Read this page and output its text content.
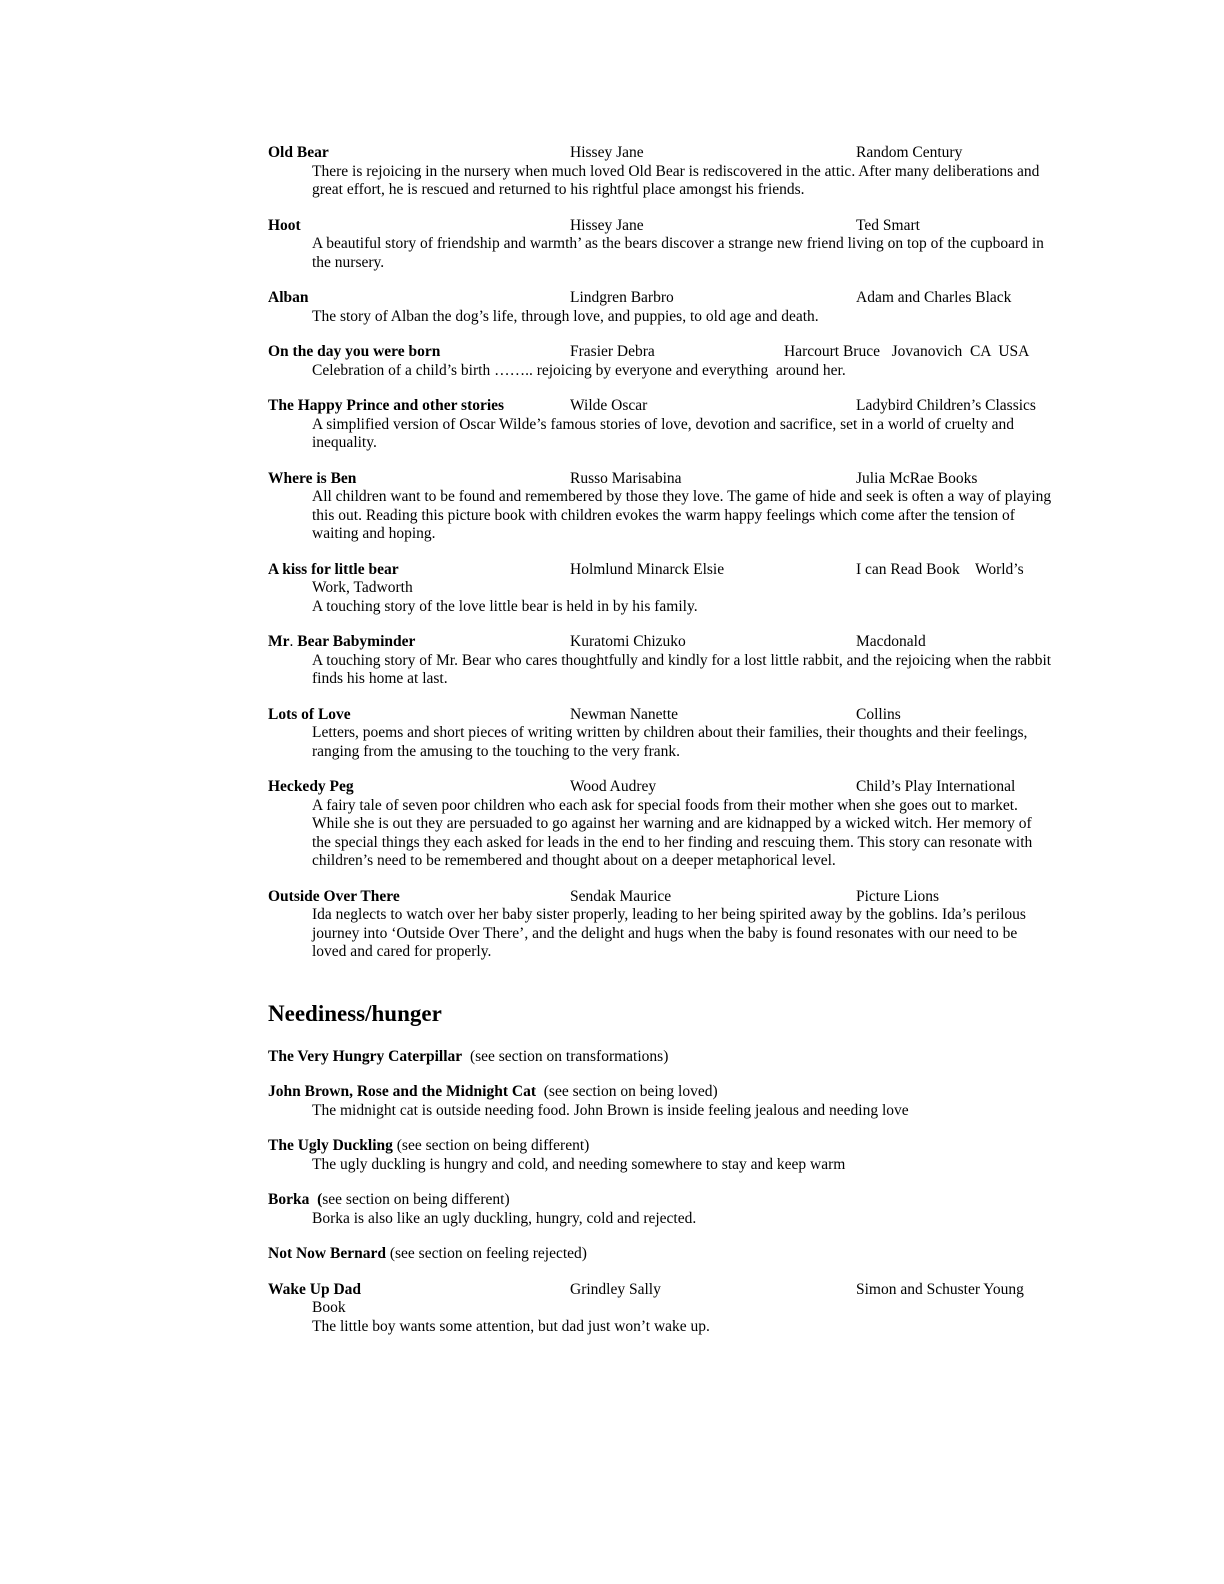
Old Bear	Hissey Jane	Random Century
There is rejoicing in the nursery when much loved Old Bear is rediscovered in the attic. After many deliberations and great effort, he is rescued and returned to his rightful place amongst his friends.
Hoot	Hissey Jane	Ted Smart
A beautiful story of friendship and warmth’ as the bears discover a strange new friend living on top of the cupboard in the nursery.
Alban	Lindgren Barbro	Adam and Charles Black
The story of Alban the dog’s life, through love, and puppies, to old age and death.
On the day you were born	Frasier Debra	Harcourt Bruce   Jovanovich  CA  USA
Celebration of a child’s birth …….. rejoicing by everyone and everything  around her.
The Happy Prince and other stories	Wilde Oscar	Ladybird Children’s Classics
A simplified version of Oscar Wilde’s famous stories of love, devotion and sacrifice, set in a world of cruelty and inequality.
Where is Ben	Russo Marisabina	Julia McRae Books
All children want to be found and remembered by those they love. The game of hide and seek is often a way of playing this out. Reading this picture book with children evokes the warm happy feelings which come after the tension of waiting and hoping.
A kiss for little bear	Holmlund Minarck Elsie	I can Read Book    World’s
Work, Tadworth
A touching story of the love little bear is held in by his family.
Mr. Bear Babyminder	Kuratomi Chizuko	Macdonald
A touching story of Mr. Bear who cares thoughtfully and kindly for a lost little rabbit, and the rejoicing when the rabbit finds his home at last.
Lots of Love	Newman Nanette	Collins
Letters, poems and short pieces of writing written by children about their families, their thoughts and their feelings, ranging from the amusing to the touching to the very frank.
Heckedy Peg	Wood Audrey	Child’s Play International
A fairy tale of seven poor children who each ask for special foods from their mother when she goes out to market. While she is out they are persuaded to go against her warning and are kidnapped by a wicked witch. Her memory of the special things they each asked for leads in the end to her finding and rescuing them. This story can resonate with children’s need to be remembered and thought about on a deeper metaphorical level.
Outside Over There	Sendak Maurice	Picture Lions
Ida neglects to watch over her baby sister properly, leading to her being spirited away by the goblins. Ida’s perilous journey into ‘Outside Over There’, and the delight and hugs when the baby is found resonates with our need to be loved and cared for properly.
Neediness/hunger
The Very Hungry Caterpillar  (see section on transformations)
John Brown, Rose and the Midnight Cat  (see section on being loved)
The midnight cat is outside needing food. John Brown is inside feeling jealous and needing love
The Ugly Duckling (see section on being different)
The ugly duckling is hungry and cold, and needing somewhere to stay and keep warm
Borka  (see section on being different)
Borka is also like an ugly duckling, hungry, cold and rejected.
Not Now Bernard (see section on feeling rejected)
Wake Up Dad	Grindley Sally	Simon and Schuster Young
Book
The little boy wants some attention, but dad just won’t wake up.
